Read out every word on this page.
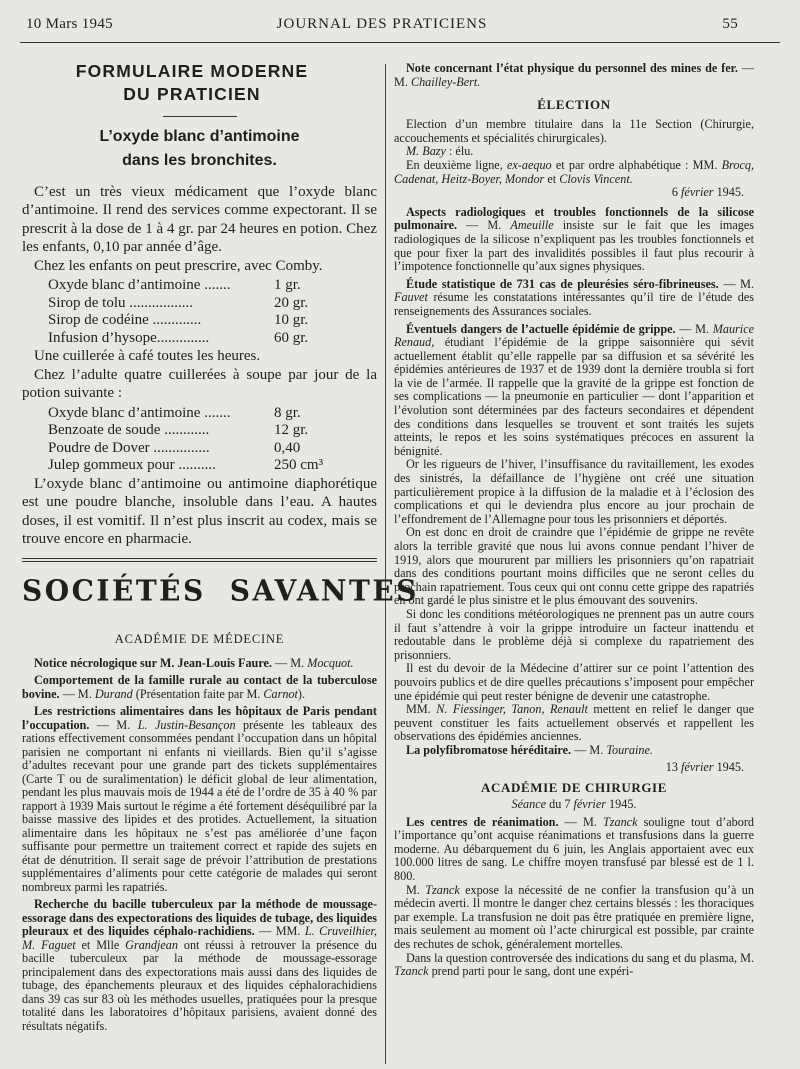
10 Mars 1945	JOURNAL DES PRATICIENS	55
FORMULAIRE MODERNE
DU PRATICIEN
L’oxyde blanc d’antimoine
dans les bronchites.

C’est un très vieux médicament que l’oxyde blanc d’antimoine. Il rend des services comme expectorant. Il se prescrit à la dose de 1 à 4 gr. par 24 heures en potion. Chez les enfants, 0,10 par année d’âge.

Chez les enfants on peut prescrire, avec Comby.

Oxyde blanc d’antimoine .......	1 gr.
Sirop de tolu .................	20 gr.
Sirop de codéine .............	10 gr.
Infusion d’hysope..............	60 gr.

Une cuillerée à café toutes les heures.

Chez l’adulte quatre cuillerées à soupe par jour de la potion suivante :

Oxyde blanc d’antimoine .......	8 gr.
Benzoate de soude ............	12 gr.
Poudre de Dover ...............	0,40
Julep gommeux pour ..........	250 cm³

L’oxyde blanc d’antimoine ou antimoine diaphorétique est une poudre blanche, insoluble dans l’eau. A hautes doses, il est vomitif. Il n’est plus inscrit au codex, mais se trouve encore en pharmacie.

SOCIÉTÉS SAVANTES
ACADÉMIE DE MÉDECINE

Notice nécrologique sur M. Jean-Louis Faure. — M. Mocquot.

Comportement de la famille rurale au contact de la tuberculose bovine. — M. Durand (Présentation faite par M. Carnot).

Les restrictions alimentaires dans les hôpitaux de Paris pendant l’occupation. — M. L. Justin-Besançon présente les tableaux des rations effectivement consommées pendant l’occupation dans un hôpital parisien ne comportant ni enfants ni vieillards. Bien qu’il s’agisse d’adultes recevant pour une grande part des tickets supplémentaires (Carte T ou de suralimentation) le déficit global de leur alimentation, pendant les plus mauvais mois de 1944 a été de l’ordre de 35 à 40 % par rapport à 1939 Mais surtout le régime a été fortement déséquilibré par la baisse massive des lipides et des protides. Actuellement, la situation alimentaire dans les hôpitaux ne s’est pas améliorée d’une façon suffisante pour permettre un traitement correct et rapide des sujets en état de dénutrition. Il serait sage de prévoir l’attribution de prestations supplémentaires d’aliments pour cette catégorie de malades qui seront nombreux parmi les rapatriés.

Recherche du bacille tuberculeux par la méthode de moussage-essorage dans des expectorations des liquides de tubage, des liquides pleuraux et des liquides céphalo-rachidiens. — MM. L. Cruveilhier, M. Faguet et Mlle Grandjean ont réussi à retrouver la présence du bacille tuberculeux par la méthode de moussage-essorage principalement dans des expectorations mais aussi dans des liquides de tubage, des épanchements pleuraux et des liquides céphalorachidiens dans 39 cas sur 83 où les méthodes usuelles, pratiquées pour la presque totalité dans les laboratoires d’hôpitaux parisiens, avaient donné des résultats négatifs.

Note concernant l’état physique du personnel des mines de fer. — M. Chailley-Bert.

ÉLECTION

Election d’un membre titulaire dans la 11e Section (Chirurgie, accouchements et spécialités chirurgicales).

M. Bazy : élu.

En deuxième ligne, ex-aequo et par ordre alphabétique : MM. Brocq, Cadenat, Heitz-Boyer, Mondor et Clovis Vincent.

6 février 1945.

Aspects radiologiques et troubles fonctionnels de la silicose pulmonaire. — M. Ameuille insiste sur le fait que les images radiologiques de la silicose n’expliquent pas les troubles fonctionnels et que pour fixer la part des invalidités possibles il faut plus recourir à l’impotence fonctionnelle qu’aux signes physiques.

Étude statistique de 731 cas de pleurésies séro-fibrineuses. — M. Fauvet résume les constatations intéressantes qu’il tire de l’étude des renseignements des Assurances sociales.

Éventuels dangers de l’actuelle épidémie de grippe. — M. Maurice Renaud, étudiant l’épidémie de la grippe saisonnière qui sévit actuellement établit qu’elle rappelle par sa diffusion et sa sévérité les épidémies antérieures de 1937 et de 1939 dont la dernière troubla si fort la vie de l’armée. Il rappelle que la gravité de la grippe est fonction de ses complications — la pneumonie en particulier — dont l’apparition et l’évolution sont déterminées par des facteurs secondaires et dépendent des conditions dans lesquelles se trouvent et sont traités les sujets atteints, le repos et les soins systématiques précoces en assurent la bénignité.

Or les rigueurs de l’hiver, l’insuffisance du ravitaillement, les exodes des sinistrés, la défaillance de l’hygiène ont créé une situation particulièrement propice à la diffusion de la maladie et à l’éclosion des complications et qui le deviendra plus encore au jour prochain de l’effondrement de l’Allemagne pour tous les prisonniers et déportés.

On est donc en droit de craindre que l’épidémie de grippe ne revête alors la terrible gravité que nous lui avons connue pendant l’hiver de 1919, alors que moururent par milliers les prisonniers qu’on rapatriait dans des conditions pourtant moins difficiles que ne seront celles du prochain rapatriement. Tous ceux qui ont connu cette grippe des rapatriés en ont gardé le plus sinistre et le plus émouvant des souvenirs.

Si donc les conditions météorologiques ne prennent pas un autre cours il faut s’attendre à voir la grippe introduire un facteur inattendu et redoutable dans le problème déjà si complexe du rapatriement des prisonniers.

Il est du devoir de la Médecine d’attirer sur ce point l’attention des pouvoirs publics et de dire quelles précautions s’imposent pour empêcher une épidémie qui peut rester bénigne de devenir une catastrophe.

MM. N. Fiessinger, Tanon, Renault mettent en relief le danger que peuvent constituer les faits actuellement observés et rappellent les observations des épidémies anciennes.

La polyfibromatose héréditaire. — M. Touraine.

13 février 1945.

ACADÉMIE DE CHIRURGIE

Séance du 7 février 1945.

Les centres de réanimation. — M. Tzanck souligne tout d’abord l’importance qu’ont acquise réanimations et transfusions dans la guerre moderne. Au débarquement du 6 juin, les Anglais apportaient avec eux 100.000 litres de sang. Le chiffre moyen transfusé par blessé est de 1 l. 800.

M. Tzanck expose la nécessité de ne confier la transfusion qu’à un médecin averti. Il montre le danger chez certains blessés : les thoraciques par exemple. La transfusion ne doit pas être pratiquée en première ligne, mais seulement au moment où l’acte chirurgical est possible, par crainte des rechutes de schok, généralement mortelles.

Dans la question controversée des indications du sang et du plasma, M. Tzanck prend parti pour le sang, dont une expéri-
